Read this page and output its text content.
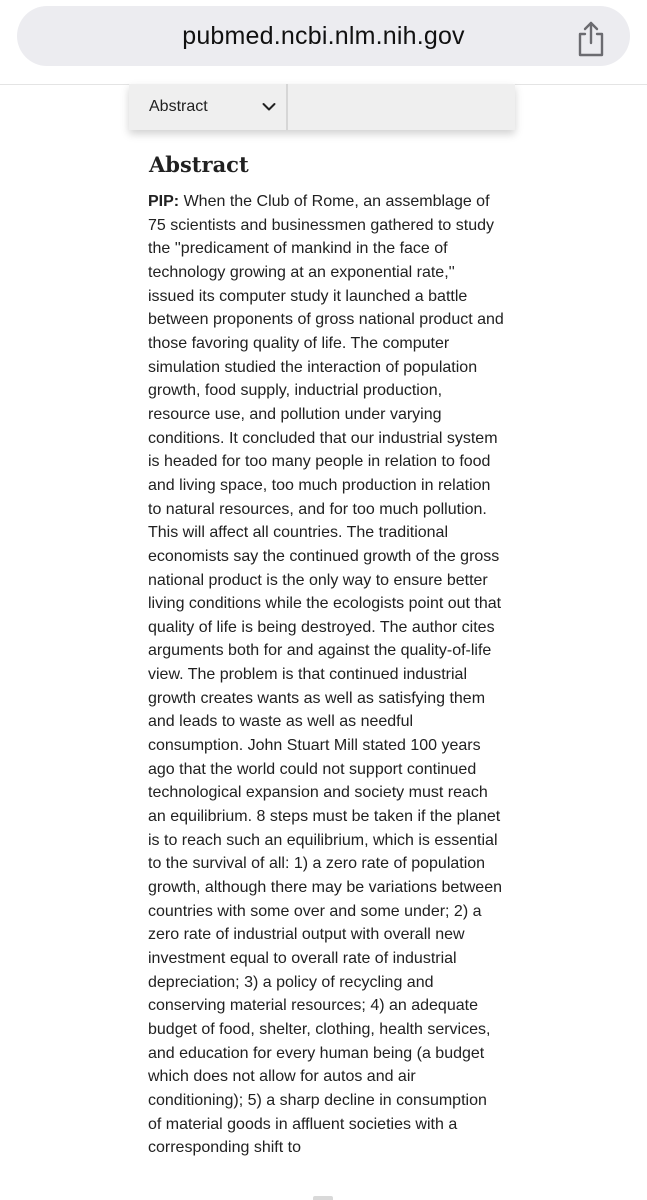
pubmed.ncbi.nlm.nih.gov
Abstract
Abstract

PIP: When the Club of Rome, an assemblage of 75 scientists and businessmen gathered to study the ''predicament of mankind in the face of technology growing at an exponential rate,'' issued its computer study it launched a battle between proponents of gross national product and those favoring quality of life. The computer simulation studied the interaction of population growth, food supply, inductrial production, resource use, and pollution under varying conditions. It concluded that our industrial system is headed for too many people in relation to food and living space, too much production in relation to natural resources, and for too much pollution. This will affect all countries. The traditional economists say the continued growth of the gross national product is the only way to ensure better living conditions while the ecologists point out that quality of life is being destroyed. The author cites arguments both for and against the quality-of-life view. The problem is that continued industrial growth creates wants as well as satisfying them and leads to waste as well as needful consumption. John Stuart Mill stated 100 years ago that the world could not support continued technological expansion and society must reach an equilibrium. 8 steps must be taken if the planet is to reach such an equilibrium, which is essential to the survival of all: 1) a zero rate of population growth, although there may be variations between countries with some over and some under; 2) a zero rate of industrial output with overall new investment equal to overall rate of industrial depreciation; 3) a policy of recycling and conserving material resources; 4) an adequate budget of food, shelter, clothing, health services, and education for every human being (a budget which does not allow for autos and air conditioning); 5) a sharp decline in consumption of material goods in affluent societies with a corresponding shift to
